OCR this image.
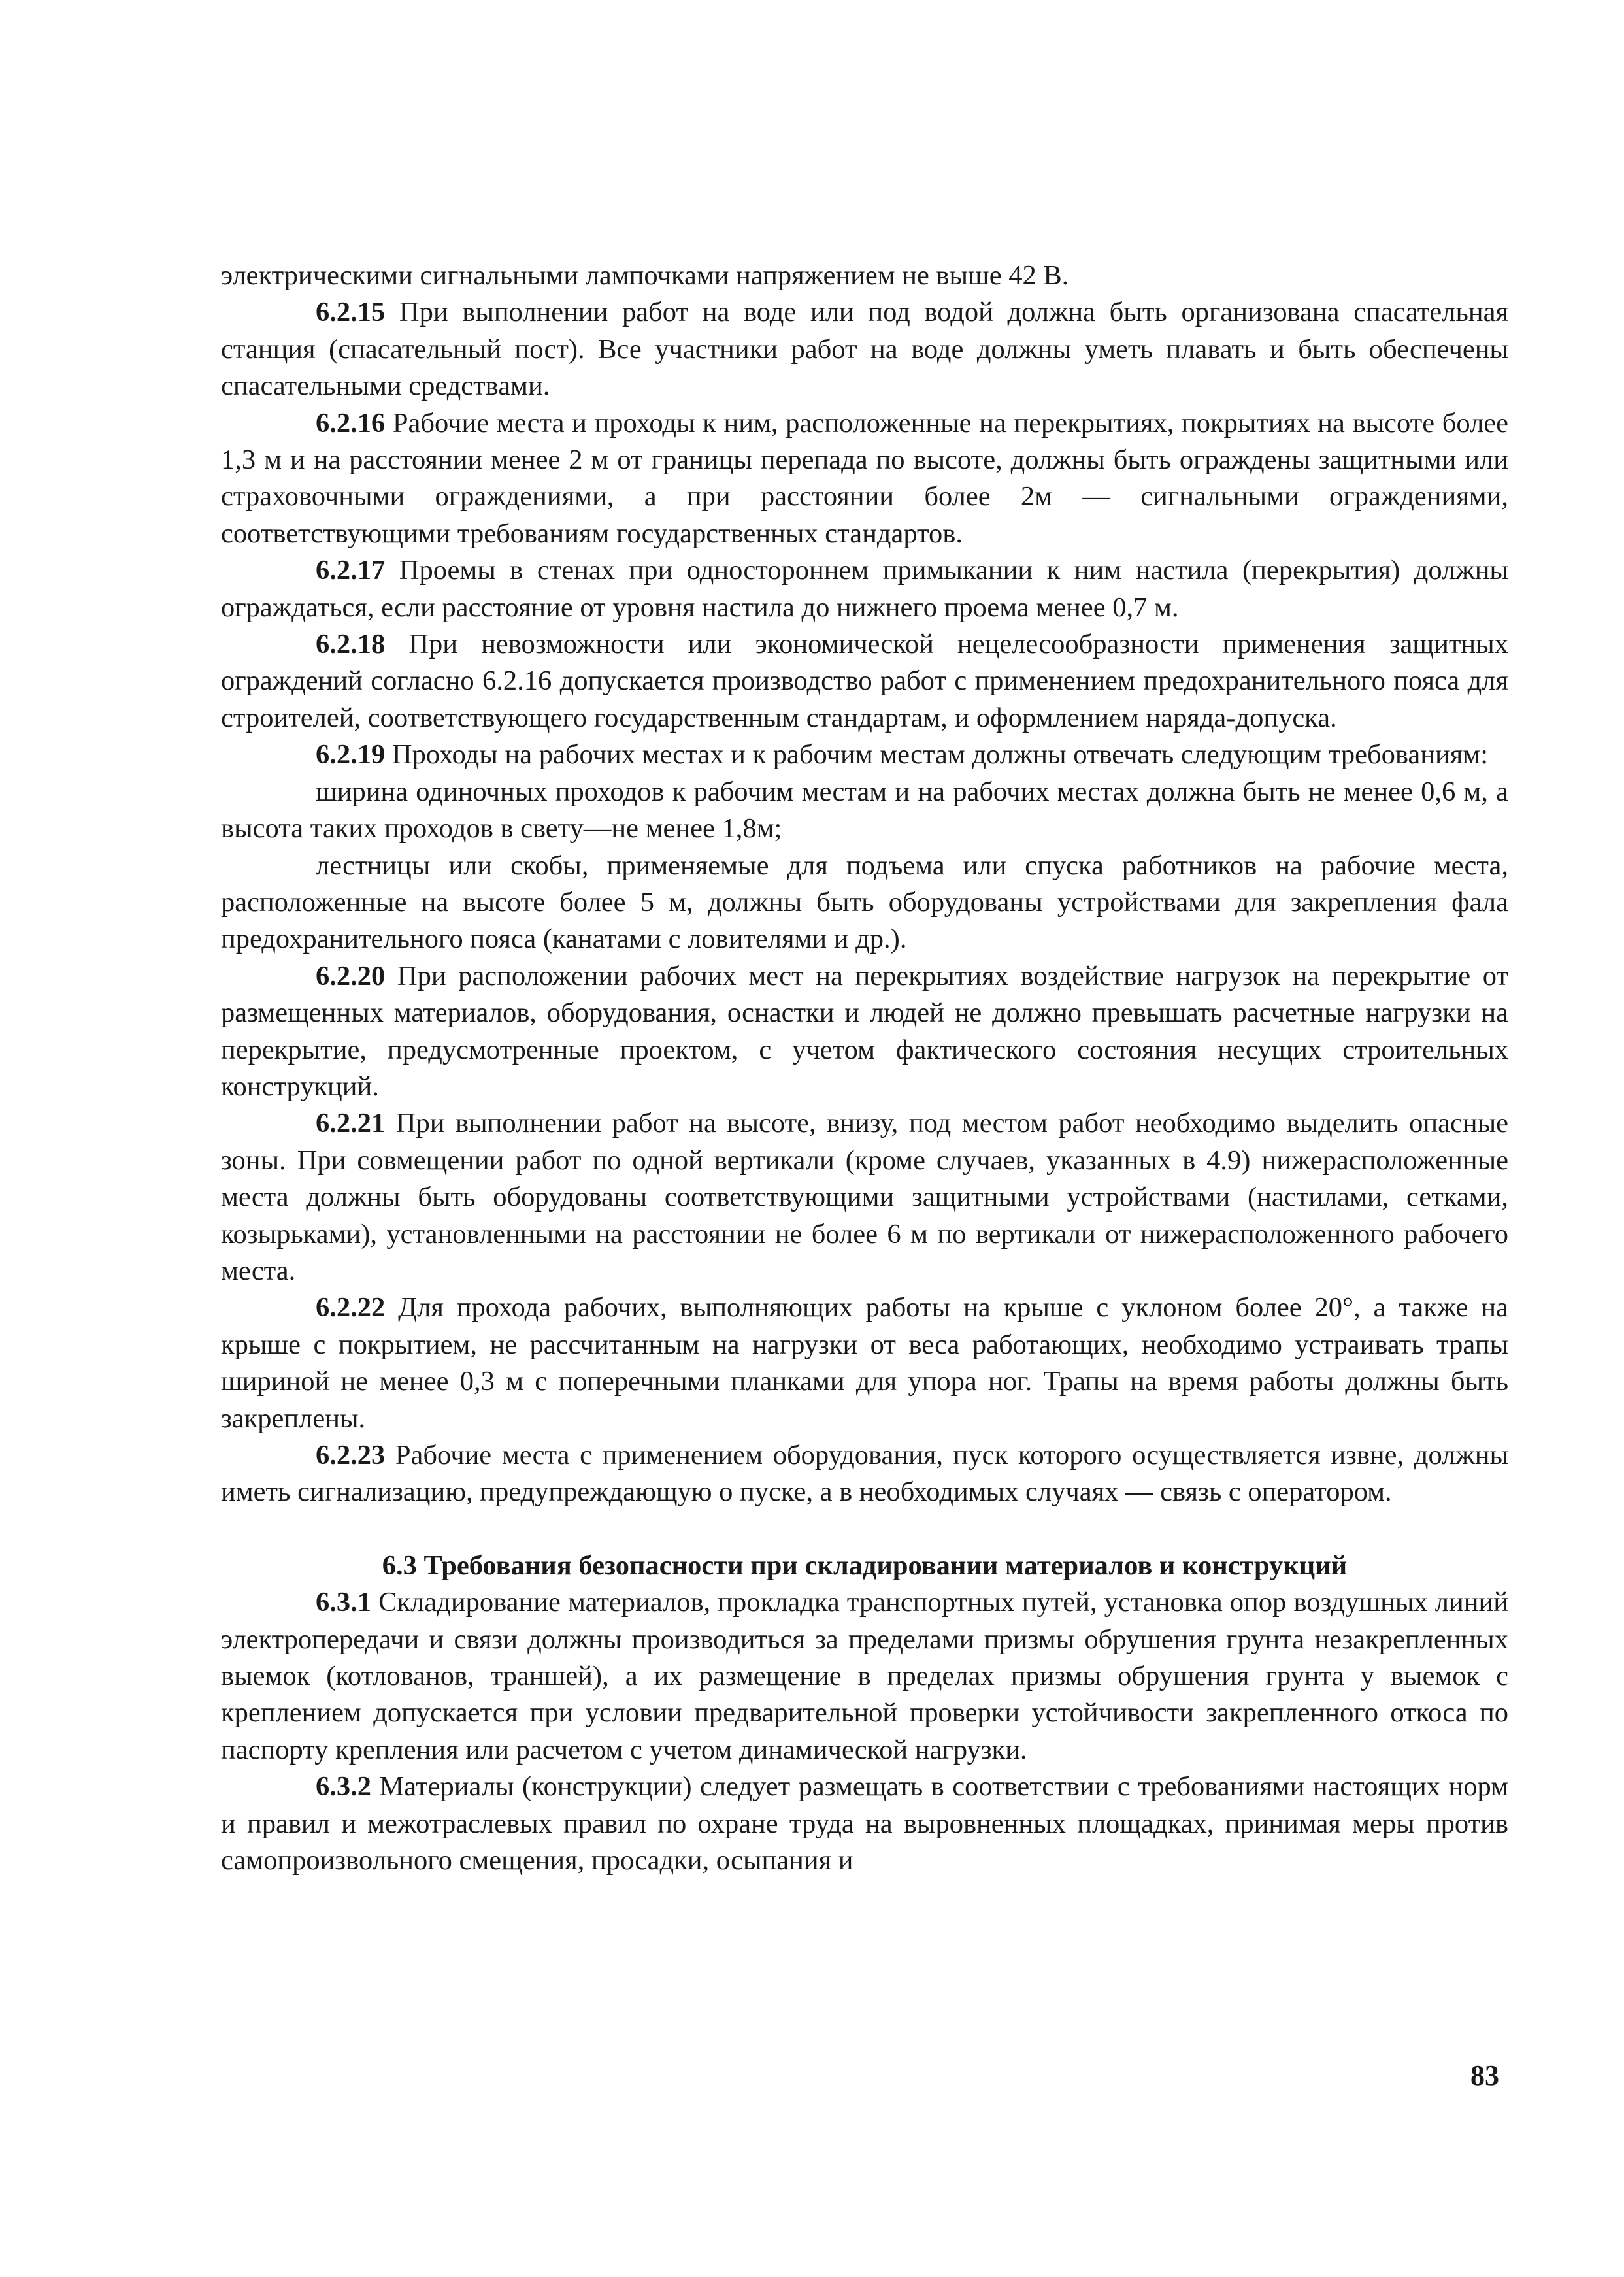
электрическими сигнальными лампочками напряжением не выше 42 В.

6.2.15 При выполнении работ на воде или под водой должна быть организована спасательная станция (спасательный пост). Все участники работ на воде должны уметь плавать и быть обеспечены спасательными средствами.

6.2.16 Рабочие места и проходы к ним, расположенные на перекрытиях, покрытиях на высоте более 1,3 м и на расстоянии менее 2 м от границы перепада по высоте, должны быть ограждены защитными или страховочными ограждениями, а при расстоянии более 2м — сигнальными ограждениями, соответствующими требованиям государственных стандартов.

6.2.17 Проемы в стенах при одностороннем примыкании к ним настила (перекрытия) должны ограждаться, если расстояние от уровня настила до нижнего проема менее 0,7 м.

6.2.18 При невозможности или экономической нецелесообразности применения защитных ограждений согласно 6.2.16 допускается производство работ с применением предохранительного пояса для строителей, соответствующего государственным стандартам, и оформлением наряда-допуска.

6.2.19 Проходы на рабочих местах и к рабочим местам должны отвечать следующим требованиям:

ширина одиночных проходов к рабочим местам и на рабочих местах должна быть не менее 0,6 м, а высота таких проходов в свету—не менее 1,8м;

лестницы или скобы, применяемые для подъема или спуска работников на рабочие места, расположенные на высоте более 5 м, должны быть оборудованы устройствами для закрепления фала предохранительного пояса (канатами с ловителями и др.).

6.2.20 При расположении рабочих мест на перекрытиях воздействие нагрузок на перекрытие от размещенных материалов, оборудования, оснастки и людей не должно превышать расчетные нагрузки на перекрытие, предусмотренные проектом, с учетом фактического состояния несущих строительных конструкций.

6.2.21 При выполнении работ на высоте, внизу, под местом работ необходимо выделить опасные зоны. При совмещении работ по одной вертикали (кроме случаев, указанных в 4.9) нижерасположенные места должны быть оборудованы соответствующими защитными устройствами (настилами, сетками, козырьками), установленными на расстоянии не более 6 м по вертикали от нижерасположенного рабочего места.

6.2.22 Для прохода рабочих, выполняющих работы на крыше с уклоном более 20°, а также на крыше с покрытием, не рассчитанным на нагрузки от веса работающих, необходимо устраивать трапы шириной не менее 0,3 м с поперечными планками для упора ног. Трапы на время работы должны быть закреплены.

6.2.23 Рабочие места с применением оборудования, пуск которого осуществляется извне, должны иметь сигнализацию, предупреждающую о пуске, а в необходимых случаях — связь с оператором.

6.3 Требования безопасности при складировании материалов и конструкций

6.3.1 Складирование материалов, прокладка транспортных путей, установка опор воздушных линий электропередачи и связи должны производиться за пределами призмы обрушения грунта незакрепленных выемок (котлованов, траншей), а их размещение в пределах призмы обрушения грунта у выемок с креплением допускается при условии предварительной проверки устойчивости закрепленного откоса по паспорту крепления или расчетом с учетом динамической нагрузки.

6.3.2 Материалы (конструкции) следует размещать в соответствии с требованиями настоящих норм и правил и межотраслевых правил по охране труда на выровненных площадках, принимая меры против самопроизвольного смещения, просадки, осыпания и

83
